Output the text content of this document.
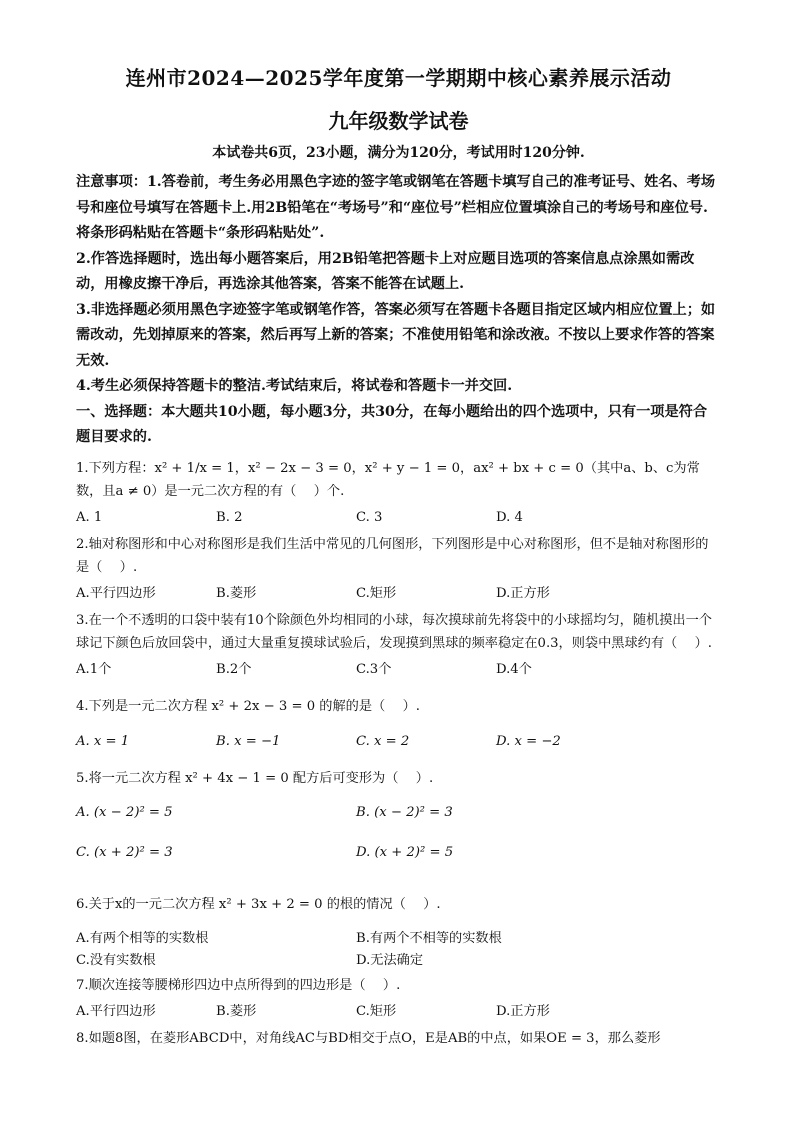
连州市2024—2025学年度第一学期期中核心素养展示活动
九年级数学试卷
本试卷共6页，23小题，满分为120分，考试用时120分钟.

注意事项：1.答卷前，考生务必用黑色字迹的签字笔或钢笔在答题卡填写自己的准考证号、姓名、考场号和座位号填写在答题卡上.用2B铅笔在“考场号”和“座位号”栏相应位置填涂自己的考场号和座位号.将条形码粘贴在答题卡“条形码粘贴处”.

2.作答选择题时，选出每小题答案后，用2B铅笔把答题卡上对应题目选项的答案信息点涂黑如需改动，用橡皮擦干净后，再选涂其他答案，答案不能答在试题上.

3.非选择题必须用黑色字迹签字笔或钢笔作答，答案必须写在答题卡各题目指定区域内相应位置上；如需改动，先划掉原来的答案，然后再写上新的答案；不准使用铅笔和涂改液。不按以上要求作答的答案无效.

4.考生必须保持答题卡的整洁.考试结束后，将试卷和答题卡一并交回.

一、选择题：本大题共10小题，每小题3分，共30分，在每小题给出的四个选项中，只有一项是符合题目要求的.

1.下列方程：x² + 1/x = 1，x² − 2x − 3 = 0，x² + y − 1 = 0，ax² + bx + c = 0（其中a、b、c为常数，且a ≠ 0）是一元二次方程的有（　 ）个.

A. 1	B. 2	C. 3	D. 4

2.轴对称图形和中心对称图形是我们生活中常见的几何图形，下列图形是中心对称图形，但不是轴对称图形的是（　 ）.

A.平行四边形	B.菱形	C.矩形	D.正方形

3.在一个不透明的口袋中装有10个除颜色外均相同的小球，每次摸球前先将袋中的小球摇均匀，随机摸出一个球记下颜色后放回袋中，通过大量重复摸球试验后，发现摸到黑球的频率稳定在0.3，则袋中黑球约有（　 ）.

A.1个	B.2个	C.3个	D.4个

4.下列是一元二次方程 x² + 2x − 3 = 0 的解的是（　 ）.

A. x = 1	B. x = −1	C. x = 2	D. x = −2

5.将一元二次方程 x² + 4x − 1 = 0 配方后可变形为（　 ）.

A. (x − 2)² = 5	B. (x − 2)² = 3
C. (x + 2)² = 3	D. (x + 2)² = 5

6.关于x的一元二次方程 x² + 3x + 2 = 0 的根的情况（　 ）.

A.有两个相等的实数根	B.有两个不相等的实数根
C.没有实数根	D.无法确定

7.顺次连接等腰梯形四边中点所得到的四边形是（　 ）.

A.平行四边形	B.菱形	C.矩形	D.正方形

8.如题8图，在菱形ABCD中，对角线AC与BD相交于点O，E是AB的中点，如果OE = 3，那么菱形
